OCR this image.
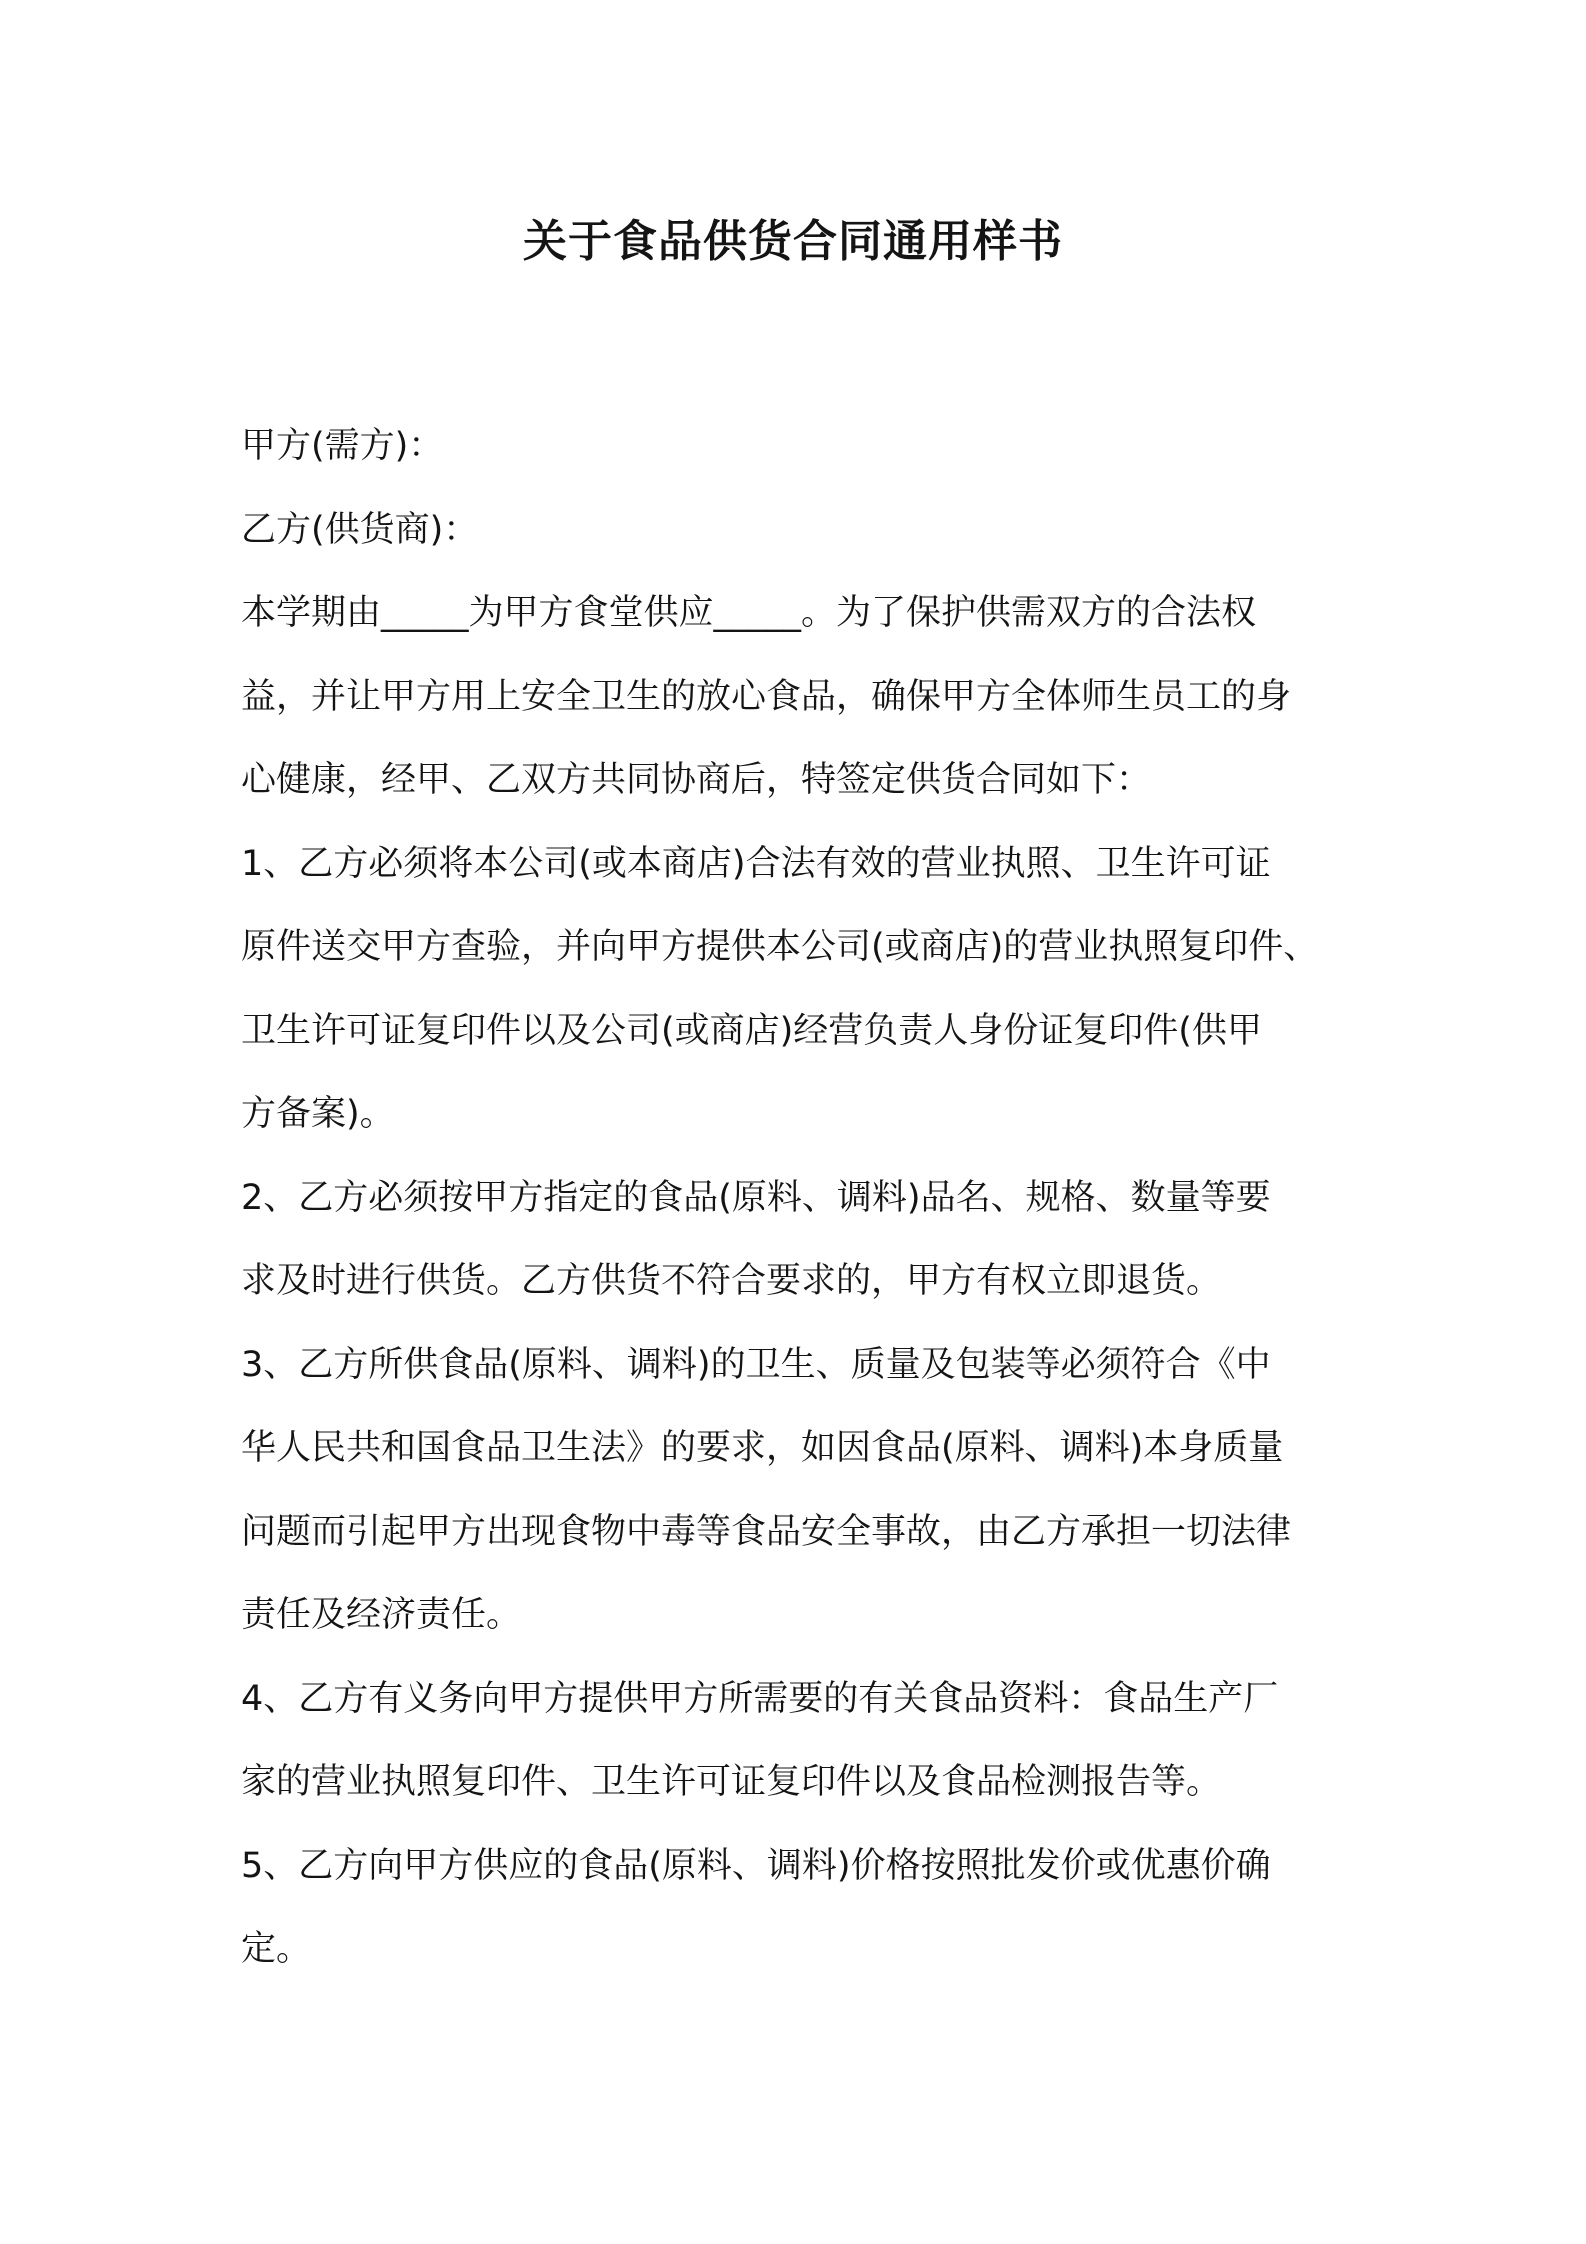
关于食品供货合同通用样书
甲方(需方)：
乙方(供货商)：
本学期由_____为甲方食堂供应_____。为了保护供需双方的合法权
益，并让甲方用上安全卫生的放心食品，确保甲方全体师生员工的身
心健康，经甲、乙双方共同协商后，特签定供货合同如下：
1、乙方必须将本公司(或本商店)合法有效的营业执照、卫生许可证
原件送交甲方查验，并向甲方提供本公司(或商店)的营业执照复印件、
卫生许可证复印件以及公司(或商店)经营负责人身份证复印件(供甲
方备案)。
2、乙方必须按甲方指定的食品(原料、调料)品名、规格、数量等要
求及时进行供货。乙方供货不符合要求的，甲方有权立即退货。
3、乙方所供食品(原料、调料)的卫生、质量及包装等必须符合《中
华人民共和国食品卫生法》的要求，如因食品(原料、调料)本身质量
问题而引起甲方出现食物中毒等食品安全事故，由乙方承担一切法律
责任及经济责任。
4、乙方有义务向甲方提供甲方所需要的有关食品资料：食品生产厂
家的营业执照复印件、卫生许可证复印件以及食品检测报告等。
5、乙方向甲方供应的食品(原料、调料)价格按照批发价或优惠价确
定。
